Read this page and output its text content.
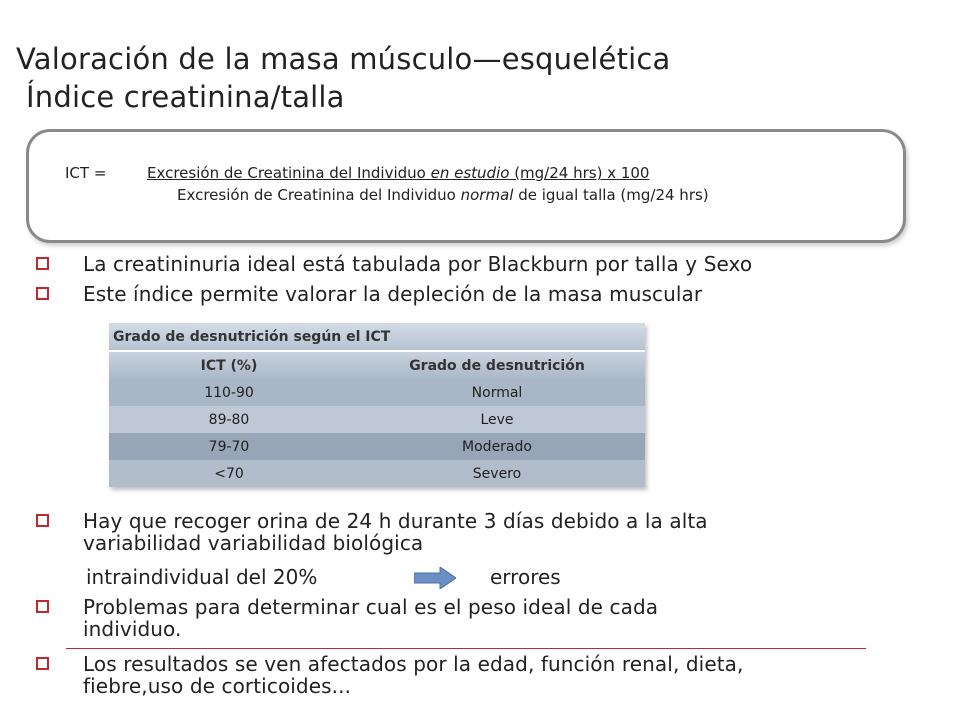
Valoración de la masa músculo—esquelética
Índice creatinina/talla
ICT =	Excresión de Creatinina del Individuo en estudio (mg/24 hrs) x 100
Excresión de Creatinina del Individuo normal de igual talla (mg/24 hrs)
La creatininuria ideal está tabulada por Blackburn por talla y Sexo
Este índice permite valorar la depleción de la masa muscular
Grado de desnutrición según el ICT	
ICT (%)	Grado de desnutrición
110-90	Normal
89-80	Leve
79-70	Moderado
<70	Severo
Hay que recoger orina de 24 h durante 3 días debido a la alta
variabilidad variabilidad biológica
intraindividual del 20%	errores
Problemas para determinar cual es el peso ideal de cada
individuo.
Los resultados se ven afectados por la edad, función renal, dieta,
fiebre,uso de corticoides...
